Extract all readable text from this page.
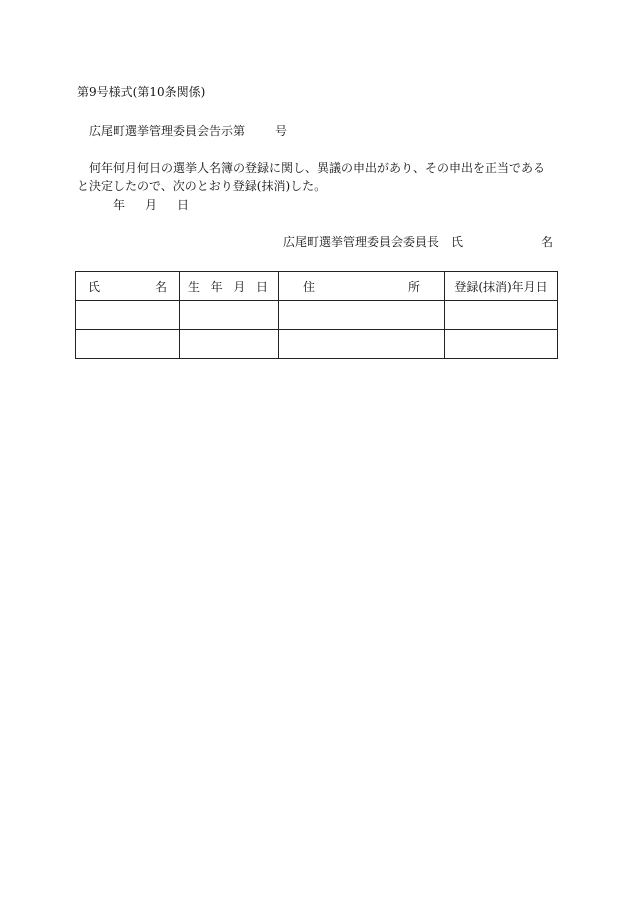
第9号様式(第10条関係)
広尾町選挙管理委員会告示第	号
何年何月何日の選挙人名簿の登録に関し、異議の申出があり、その申出を正当であると決定したので、次のとおり登録(抹消)した。
年 月 日
広尾町選挙管理委員会委員長 氏	名
氏 名	生 年 月 日	住 所	登録(抹消)年月日
